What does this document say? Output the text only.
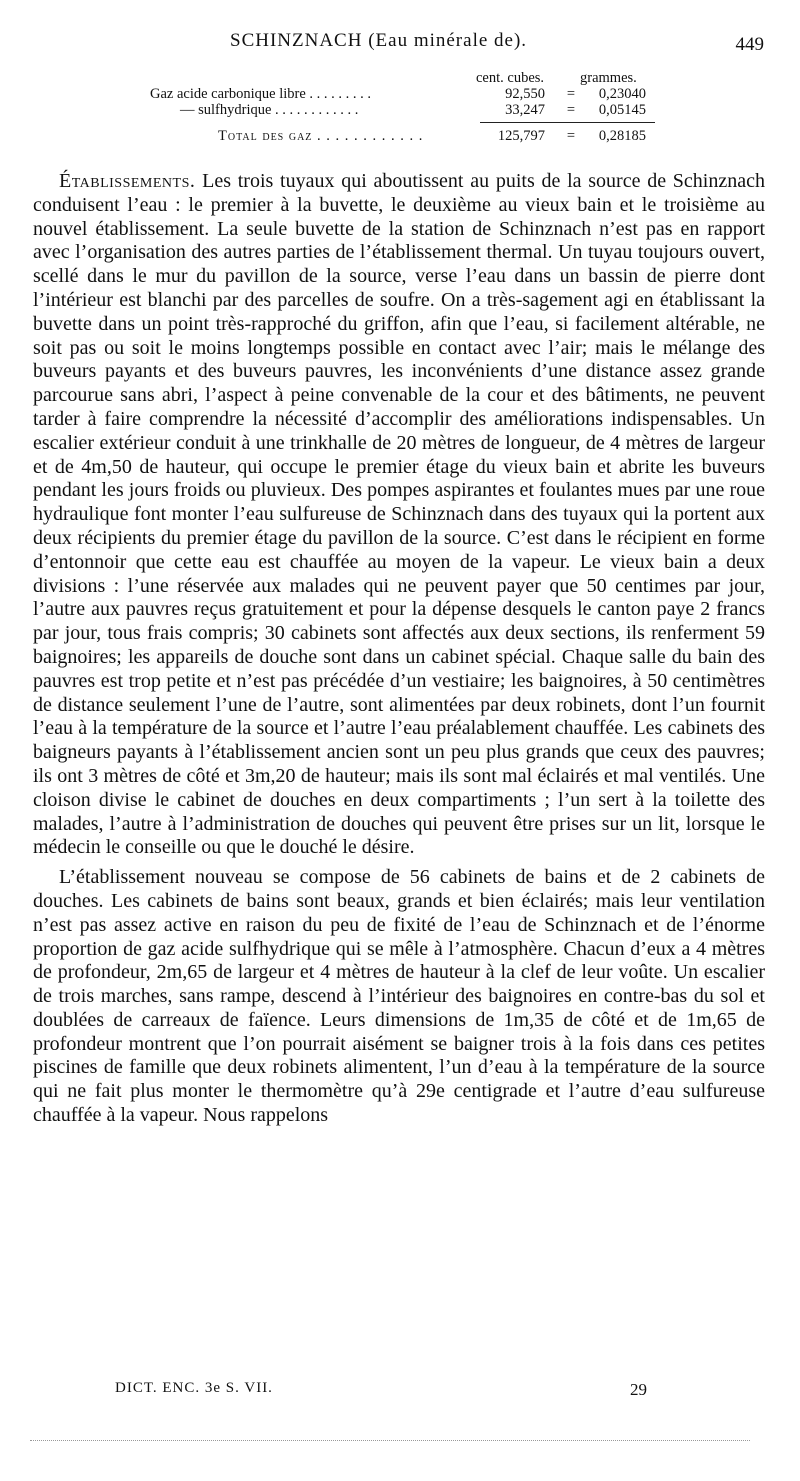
SCHINZNACH (Eau minérale de).	449
cent. cubes. grammes.
Gaz acide carbonique libre . . . . . . . . .	92,550 =	0,23040
— sulfhydrique . . . . . . . . . . . .	33,247 =	0,05145
Total des gaz . . . . . . . . . . . .	125,797 =	0,28185

Établissements. Les trois tuyaux qui aboutissent au puits de la source de Schinznach conduisent l’eau : le premier à la buvette, le deuxième au vieux bain et le troisième au nouvel établissement. La seule buvette de la station de Schinznach n’est pas en rapport avec l’organisation des autres parties de l’établissement thermal. Un tuyau toujours ouvert, scellé dans le mur du pavillon de la source, verse l’eau dans un bassin de pierre dont l’intérieur est blanchi par des parcelles de soufre. On a très-sagement agi en établissant la buvette dans un point très-rapproché du griffon, afin que l’eau, si facilement altérable, ne soit pas ou soit le moins longtemps possible en contact avec l’air; mais le mélange des buveurs payants et des buveurs pauvres, les inconvénients d’une distance assez grande parcourue sans abri, l’aspect à peine convenable de la cour et des bâtiments, ne peuvent tarder à faire comprendre la nécessité d’accomplir des améliorations indispensables. Un escalier extérieur conduit à une trinkhalle de 20 mètres de longueur, de 4 mètres de largeur et de 4m,50 de hauteur, qui occupe le premier étage du vieux bain et abrite les buveurs pendant les jours froids ou pluvieux. Des pompes aspirantes et foulantes mues par une roue hydraulique font monter l’eau sulfureuse de Schinznach dans des tuyaux qui la portent aux deux récipients du premier étage du pavillon de la source. C’est dans le récipient en forme d’entonnoir que cette eau est chauffée au moyen de la vapeur. Le vieux bain a deux divisions : l’une réservée aux malades qui ne peuvent payer que 50 centimes par jour, l’autre aux pauvres reçus gratuitement et pour la dépense desquels le canton paye 2 francs par jour, tous frais compris; 30 cabinets sont affectés aux deux sections, ils renferment 59 baignoires; les appareils de douche sont dans un cabinet spécial. Chaque salle du bain des pauvres est trop petite et n’est pas précédée d’un vestiaire; les baignoires, à 50 centimètres de distance seulement l’une de l’autre, sont alimentées par deux robinets, dont l’un fournit l’eau à la température de la source et l’autre l’eau préalablement chauffée. Les cabinets des baigneurs payants à l’établissement ancien sont un peu plus grands que ceux des pauvres; ils ont 3 mètres de côté et 3m,20 de hauteur; mais ils sont mal éclairés et mal ventilés. Une cloison divise le cabinet de douches en deux compartiments ; l’un sert à la toilette des malades, l’autre à l’administration de douches qui peuvent être prises sur un lit, lorsque le médecin le conseille ou que le douché le désire.

L’établissement nouveau se compose de 56 cabinets de bains et de 2 cabinets de douches. Les cabinets de bains sont beaux, grands et bien éclairés; mais leur ventilation n’est pas assez active en raison du peu de fixité de l’eau de Schinznach et de l’énorme proportion de gaz acide sulfhydrique qui se mêle à l’atmosphère. Chacun d’eux a 4 mètres de profondeur, 2m,65 de largeur et 4 mètres de hauteur à la clef de leur voûte. Un escalier de trois marches, sans rampe, descend à l’intérieur des baignoires en contre-bas du sol et doublées de carreaux de faïence. Leurs dimensions de 1m,35 de côté et de 1m,65 de profondeur montrent que l’on pourrait aisément se baigner trois à la fois dans ces petites piscines de famille que deux robinets alimentent, l’un d’eau à la température de la source qui ne fait plus monter le thermomètre qu’à 29e centigrade et l’autre d’eau sulfureuse chauffée à la vapeur. Nous rappelons

DICT. ENC. 3e S. VII.	29
